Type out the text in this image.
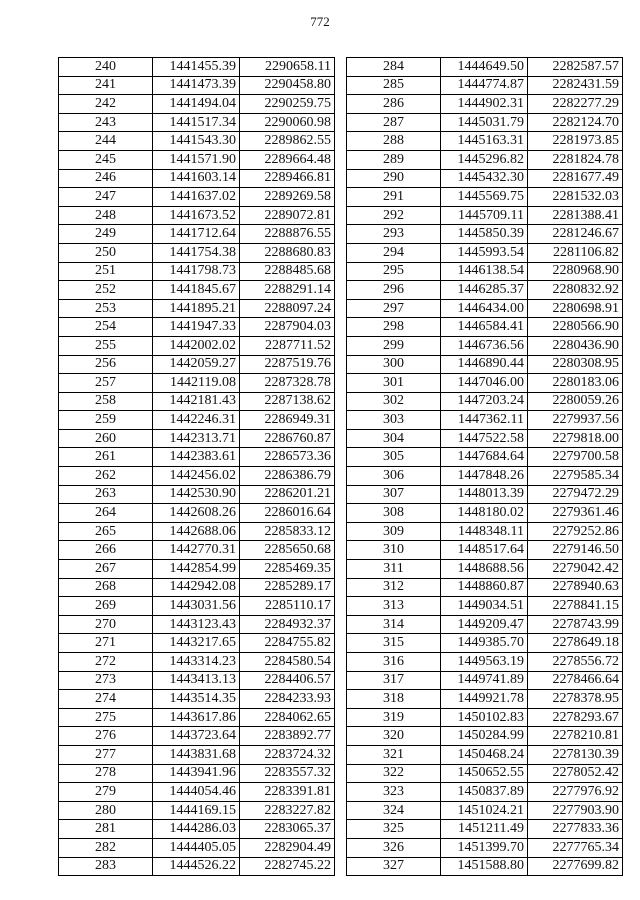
772
240	1441455.39	2290658.11
241	1441473.39	2290458.80
242	1441494.04	2290259.75
243	1441517.34	2290060.98
244	1441543.30	2289862.55
245	1441571.90	2289664.48
246	1441603.14	2289466.81
247	1441637.02	2289269.58
248	1441673.52	2289072.81
249	1441712.64	2288876.55
250	1441754.38	2288680.83
251	1441798.73	2288485.68
252	1441845.67	2288291.14
253	1441895.21	2288097.24
254	1441947.33	2287904.03
255	1442002.02	2287711.52
256	1442059.27	2287519.76
257	1442119.08	2287328.78
258	1442181.43	2287138.62
259	1442246.31	2286949.31
260	1442313.71	2286760.87
261	1442383.61	2286573.36
262	1442456.02	2286386.79
263	1442530.90	2286201.21
264	1442608.26	2286016.64
265	1442688.06	2285833.12
266	1442770.31	2285650.68
267	1442854.99	2285469.35
268	1442942.08	2285289.17
269	1443031.56	2285110.17
270	1443123.43	2284932.37
271	1443217.65	2284755.82
272	1443314.23	2284580.54
273	1443413.13	2284406.57
274	1443514.35	2284233.93
275	1443617.86	2284062.65
276	1443723.64	2283892.77
277	1443831.68	2283724.32
278	1443941.96	2283557.32
279	1444054.46	2283391.81
280	1444169.15	2283227.82
281	1444286.03	2283065.37
282	1444405.05	2282904.49
283	1444526.22	2282745.22
284	1444649.50	2282587.57
285	1444774.87	2282431.59
286	1444902.31	2282277.29
287	1445031.79	2282124.70
288	1445163.31	2281973.85
289	1445296.82	2281824.78
290	1445432.30	2281677.49
291	1445569.75	2281532.03
292	1445709.11	2281388.41
293	1445850.39	2281246.67
294	1445993.54	2281106.82
295	1446138.54	2280968.90
296	1446285.37	2280832.92
297	1446434.00	2280698.91
298	1446584.41	2280566.90
299	1446736.56	2280436.90
300	1446890.44	2280308.95
301	1447046.00	2280183.06
302	1447203.24	2280059.26
303	1447362.11	2279937.56
304	1447522.58	2279818.00
305	1447684.64	2279700.58
306	1447848.26	2279585.34
307	1448013.39	2279472.29
308	1448180.02	2279361.46
309	1448348.11	2279252.86
310	1448517.64	2279146.50
311	1448688.56	2279042.42
312	1448860.87	2278940.63
313	1449034.51	2278841.15
314	1449209.47	2278743.99
315	1449385.70	2278649.18
316	1449563.19	2278556.72
317	1449741.89	2278466.64
318	1449921.78	2278378.95
319	1450102.83	2278293.67
320	1450284.99	2278210.81
321	1450468.24	2278130.39
322	1450652.55	2278052.42
323	1450837.89	2277976.92
324	1451024.21	2277903.90
325	1451211.49	2277833.36
326	1451399.70	2277765.34
327	1451588.80	2277699.82
